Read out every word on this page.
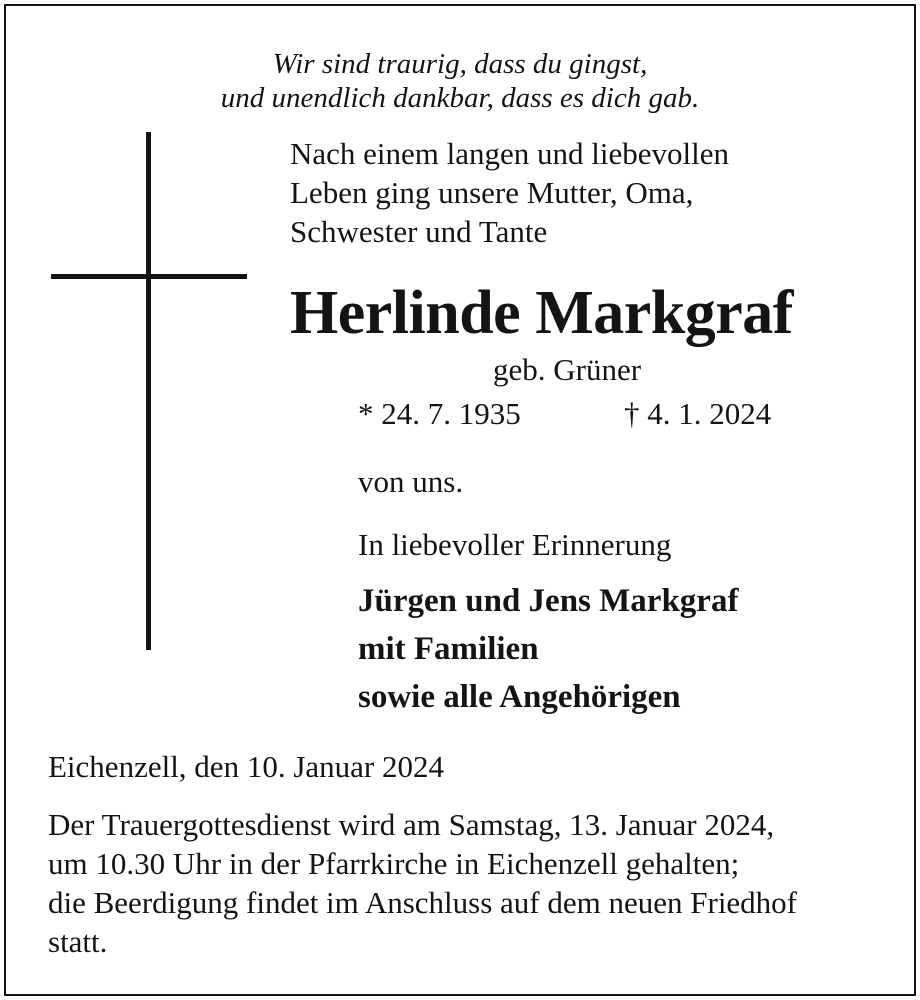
Wir sind traurig, dass du gingst,

und unendlich dankbar, dass es dich gab.

Nach einem langen und liebevollen

Leben ging unsere Mutter, Oma,

Schwester und Tante

Herlinde Markgraf

geb. Grüner

* 24. 7. 1935	† 4. 1. 2024

von uns.

In liebevoller Erinnerung

Jürgen und Jens Markgraf

mit Familien

sowie alle Angehörigen

Eichenzell, den 10. Januar 2024

Der Trauergottesdienst wird am Samstag, 13. Januar 2024,

um 10.30 Uhr in der Pfarrkirche in Eichenzell gehalten;

die Beerdigung findet im Anschluss auf dem neuen Friedhof

statt.
